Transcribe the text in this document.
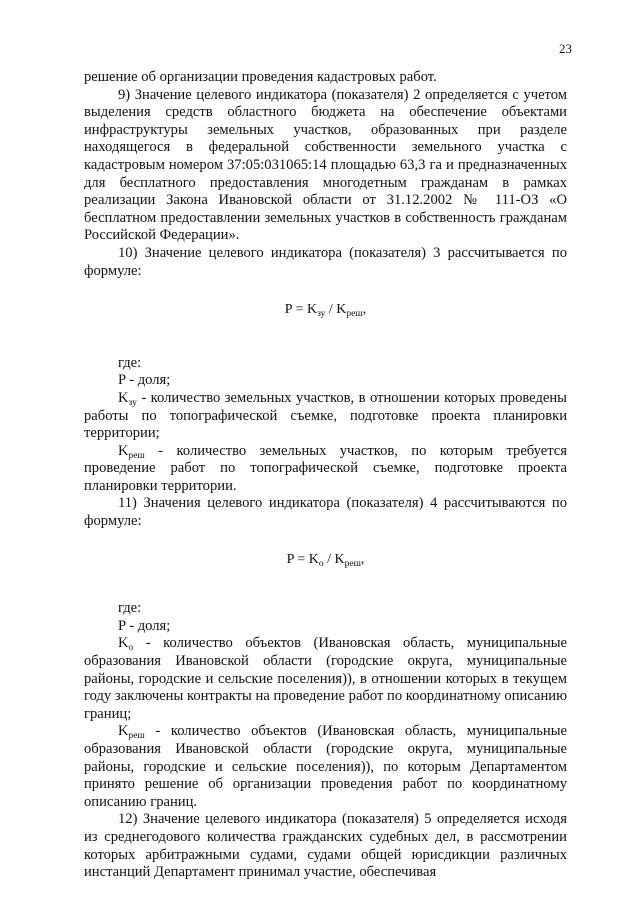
23

решение об организации проведения кадастровых работ.

9) Значение целевого индикатора (показателя) 2 определяется с учетом выделения средств областного бюджета на обеспечение объектами инфраструктуры земельных участков, образованных при разделе находящегося в федеральной собственности земельного участка с кадастровым номером 37:05:031065:14 площадью 63,3 га и предназначенных для бесплатного предоставления многодетным гражданам в рамках реализации Закона Ивановской области от 31.12.2002 № 111-ОЗ «О бесплатном предоставлении земельных участков в собственность гражданам Российской Федерации».

10) Значение целевого индикатора (показателя) 3 рассчитывается по формуле:

$P = K_{зу} / K_{реш}$,

где:

P - доля;

$K_{зу}$ - количество земельных участков, в отношении которых проведены работы по топографической съемке, подготовке проекта планировки территории;

$K_{реш}$ - количество земельных участков, по которым требуется проведение работ по топографической съемке, подготовке проекта планировки территории.

11) Значения целевого индикатора (показателя) 4 рассчитываются по формуле:

$P = K_о / K_{реш}$,

где:

P - доля;

$K_о$ - количество объектов (Ивановская область, муниципальные образования Ивановской области (городские округа, муниципальные районы, городские и сельские поселения)), в отношении которых в текущем году заключены контракты на проведение работ по координатному описанию границ;

$K_{реш}$ - количество объектов (Ивановская область, муниципальные образования Ивановской области (городские округа, муниципальные районы, городские и сельские поселения)), по которым Департаментом принято решение об организации проведения работ по координатному описанию границ.

12) Значение целевого индикатора (показателя) 5 определяется исходя из среднегодового количества гражданских судебных дел, в рассмотрении которых арбитражными судами, судами общей юрисдикции различных инстанций Департамент принимал участие, обеспечивая
